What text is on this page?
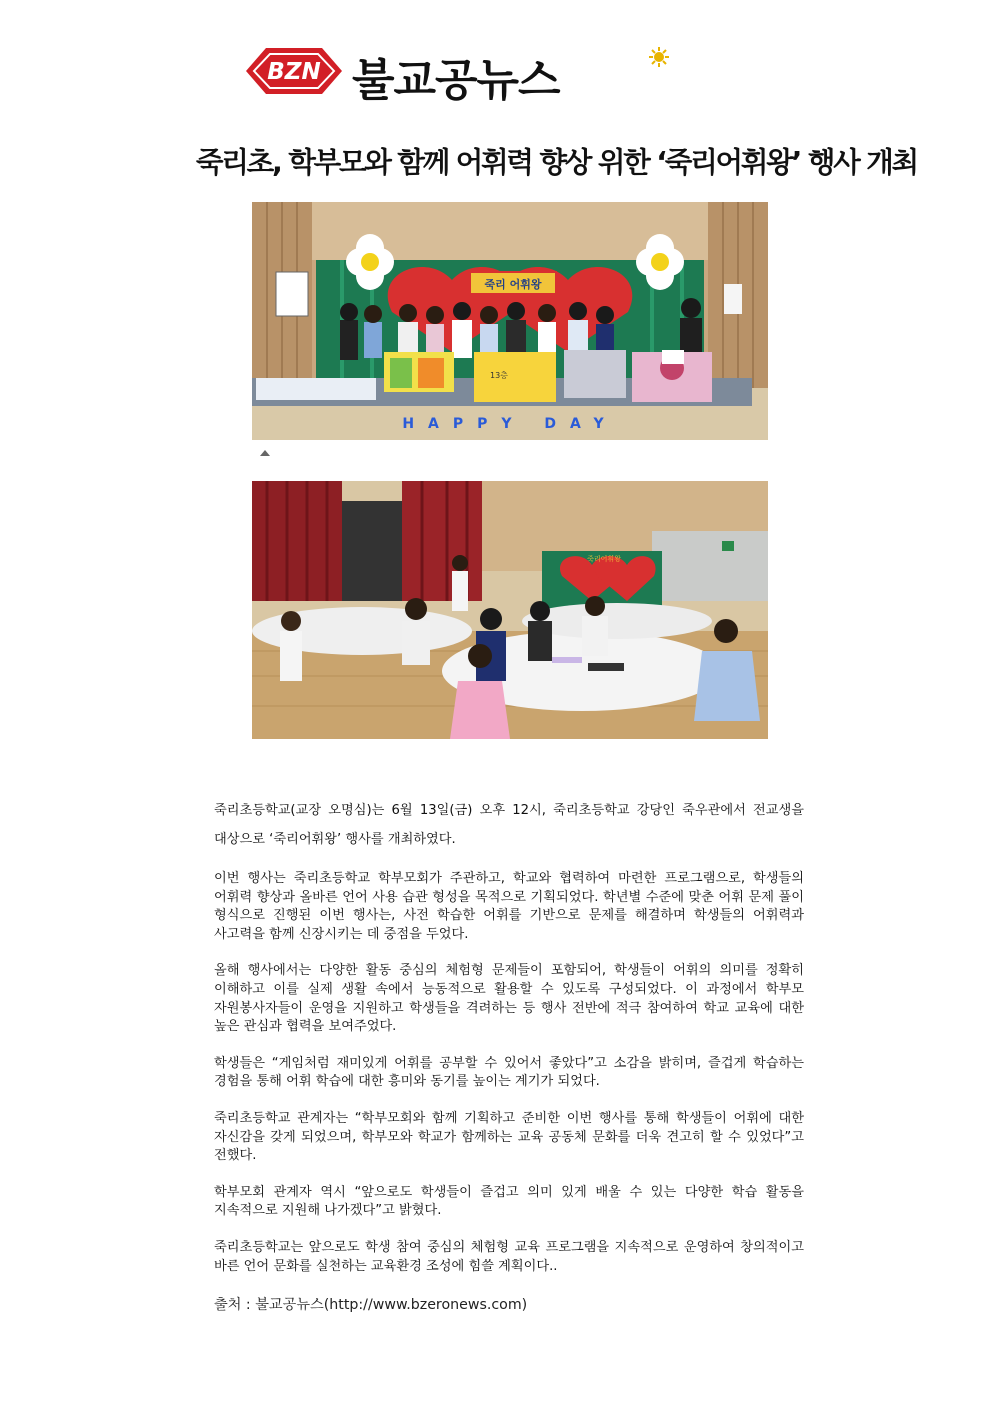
BZN 불교공뉴스
죽리초, 학부모와 함께 어휘력 향상 위한 ‘죽리어휘왕’ 행사 개최
죽리 어휘왕
13층
HAPPY DAY
죽리어휘왕

죽리초등학교(교장 오명심)는 6월 13일(금) 오후 12시, 죽리초등학교 강당인 죽우관에서 전교생을 대상으로 ‘죽리어휘왕’ 행사를 개최하였다.

이번 행사는 죽리초등학교 학부모회가 주관하고, 학교와 협력하여 마련한 프로그램으로, 학생들의 어휘력 향상과 올바른 언어 사용 습관 형성을 목적으로 기획되었다. 학년별 수준에 맞춘 어휘 문제 풀이 형식으로 진행된 이번 행사는, 사전 학습한 어휘를 기반으로 문제를 해결하며 학생들의 어휘력과 사고력을 함께 신장시키는 데 중점을 두었다.

올해 행사에서는 다양한 활동 중심의 체험형 문제들이 포함되어, 학생들이 어휘의 의미를 정확히 이해하고 이를 실제 생활 속에서 능동적으로 활용할 수 있도록 구성되었다. 이 과정에서 학부모 자원봉사자들이 운영을 지원하고 학생들을 격려하는 등 행사 전반에 적극 참여하여 학교 교육에 대한 높은 관심과 협력을 보여주었다.

학생들은 “게임처럼 재미있게 어휘를 공부할 수 있어서 좋았다”고 소감을 밝히며, 즐겁게 학습하는 경험을 통해 어휘 학습에 대한 흥미와 동기를 높이는 계기가 되었다.

죽리초등학교 관계자는 “학부모회와 함께 기획하고 준비한 이번 행사를 통해 학생들이 어휘에 대한 자신감을 갖게 되었으며, 학부모와 학교가 함께하는 교육 공동체 문화를 더욱 견고히 할 수 있었다”고 전했다.

학부모회 관계자 역시 “앞으로도 학생들이 즐겁고 의미 있게 배울 수 있는 다양한 학습 활동을 지속적으로 지원해 나가겠다”고 밝혔다.

죽리초등학교는 앞으로도 학생 참여 중심의 체험형 교육 프로그램을 지속적으로 운영하여 창의적이고 바른 언어 문화를 실천하는 교육환경 조성에 힘쓸 계획이다..

출처 : 불교공뉴스(http://www.bzeronews.com)
